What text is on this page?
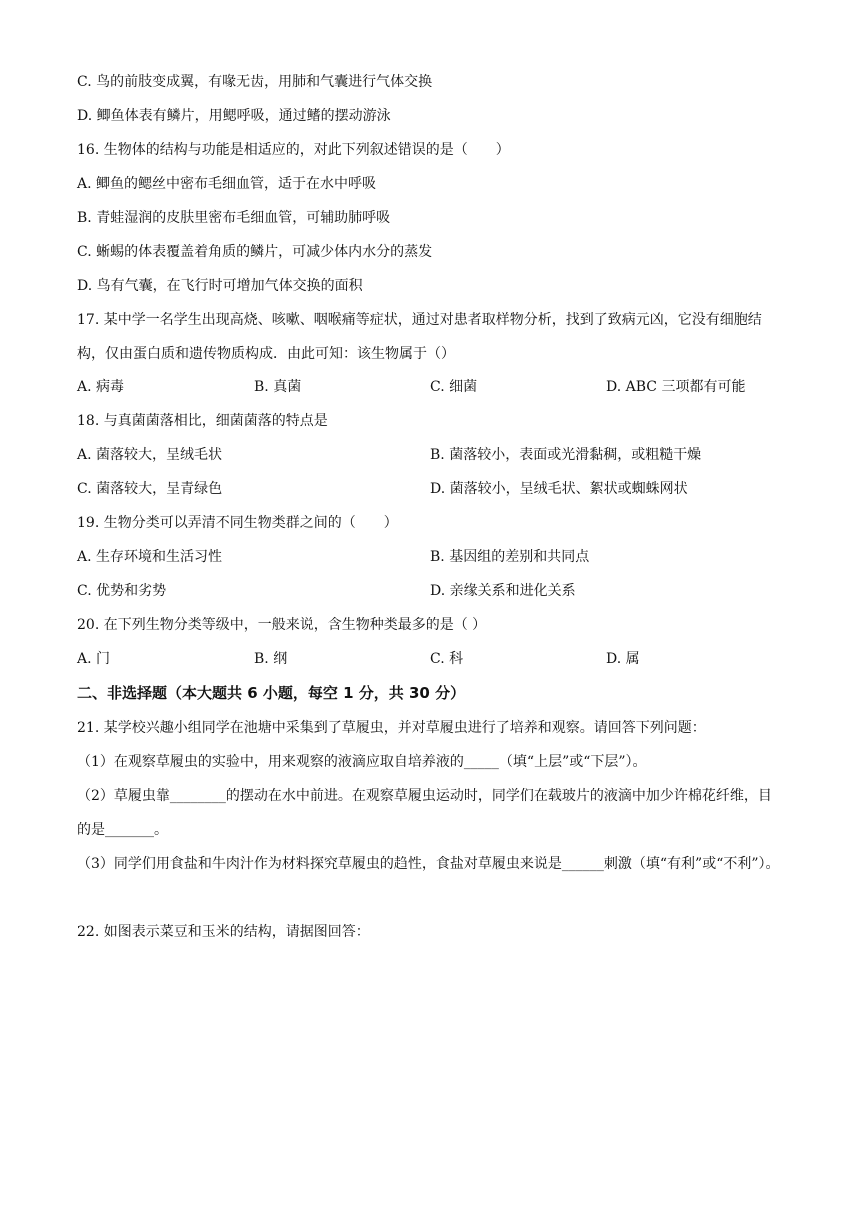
C. 鸟的前肢变成翼，有喙无齿，用肺和气囊进行气体交换
D. 鲫鱼体表有鳞片，用鳃呼吸，通过鳍的摆动游泳
16. 生物体的结构与功能是相适应的，对此下列叙述错误的是（　　）
A. 鲫鱼的鳃丝中密布毛细血管，适于在水中呼吸
B. 青蛙湿润的皮肤里密布毛细血管，可辅助肺呼吸
C. 蜥蜴的体表覆盖着角质的鳞片，可减少体内水分的蒸发
D. 鸟有气囊，在飞行时可增加气体交换的面积
17. 某中学一名学生出现高烧、咳嗽、咽喉痛等症状，通过对患者取样物分析，找到了致病元凶，它没有细胞结构，仅由蛋白质和遗传物质构成．由此可知：该生物属于（）
A. 病毒	B. 真菌	C. 细菌	D. ABC 三项都有可能
18. 与真菌菌落相比，细菌菌落的特点是
A. 菌落较大，呈绒毛状	B. 菌落较小，表面或光滑黏稠，或粗糙干燥
C. 菌落较大，呈青绿色	D. 菌落较小，呈绒毛状、絮状或蜘蛛网状
19. 生物分类可以弄清不同生物类群之间的（　　）
A. 生存环境和生活习性	B. 基因组的差别和共同点
C. 优势和劣势	D. 亲缘关系和进化关系
20. 在下列生物分类等级中，一般来说，含生物种类最多的是（ ）
A. 门	B. 纲	C. 科	D. 属
二、非选择题（本大题共 6 小题，每空 1 分，共 30 分）
21. 某学校兴趣小组同学在池塘中采集到了草履虫，并对草履虫进行了培养和观察。请回答下列问题：
（1）在观察草履虫的实验中，用来观察的液滴应取自培养液的_____（填“上层”或“下层”）。
（2）草履虫靠________的摆动在水中前进。在观察草履虫运动时，同学们在载玻片的液滴中加少许棉花纤维，目的是_______。
（3）同学们用食盐和牛肉汁作为材料探究草履虫的趋性，食盐对草履虫来说是______刺激（填“有利”或“不利”）。
22. 如图表示菜豆和玉米的结构，请据图回答：
